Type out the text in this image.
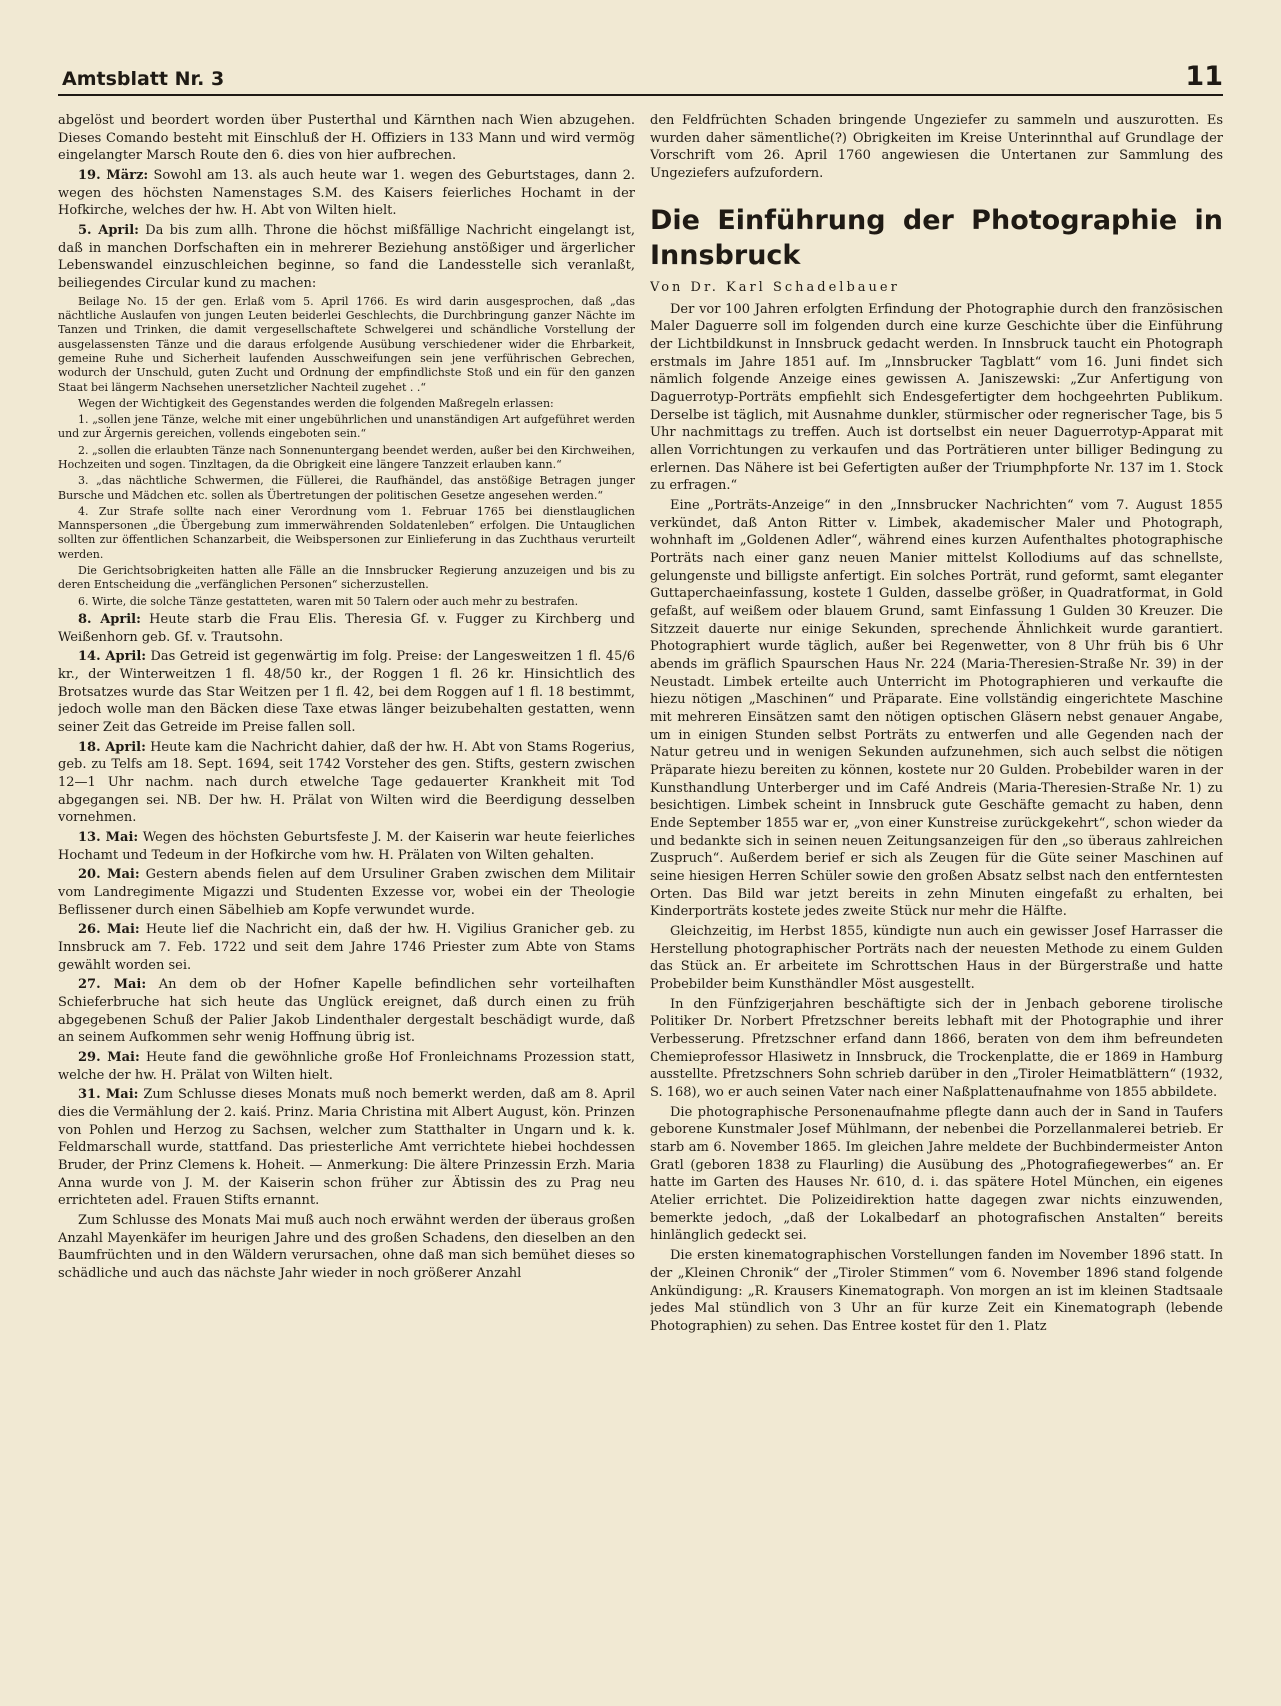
Amtsblatt Nr. 3	11

abgelöst und beordert worden über Pusterthal und Kärnthen nach Wien abzugehen. Dieses Comando besteht mit Einschluß der H. Offiziers in 133 Mann und wird vermög eingelangter Marsch Route den 6. dies von hier aufbrechen.

19. März: Sowohl am 13. als auch heute war 1. wegen des Geburtstages, dann 2. wegen des höchsten Namenstages S.M. des Kaisers feierliches Hochamt in der Hofkirche, welches der hw. H. Abt von Wilten hielt.

5. April: Da bis zum allh. Throne die höchst mißfällige Nachricht eingelangt ist, daß in manchen Dorfschaften ein in mehrerer Beziehung anstößiger und ärgerlicher Lebenswandel einzuschleichen beginne, so fand die Landesstelle sich veranlaßt, beiliegendes Circular kund zu machen:

Beilage No. 15 der gen. Erlaß vom 5. April 1766. Es wird darin ausgesprochen, daß „das nächtliche Auslaufen von jungen Leuten beiderlei Geschlechts, die Durchbringung ganzer Nächte im Tanzen und Trinken, die damit vergesellschaftete Schwelgerei und schändliche Vorstellung der ausgelassensten Tänze und die daraus erfolgende Ausübung verschiedener wider die Ehrbarkeit, gemeine Ruhe und Sicherheit laufenden Ausschweifungen sein jene verführischen Gebrechen, wodurch der Unschuld, guten Zucht und Ordnung der empfindlichste Stoß und ein für den ganzen Staat bei längerm Nachsehen unersetzlicher Nachteil zugehet . .“

Wegen der Wichtigkeit des Gegenstandes werden die folgenden Maßregeln erlassen:

1. „sollen jene Tänze, welche mit einer ungebührlichen und unanständigen Art aufgeführet werden und zur Ärgernis gereichen, vollends eingeboten sein.“

2. „sollen die erlaubten Tänze nach Sonnenuntergang beendet werden, außer bei den Kirchweihen, Hochzeiten und sogen. Tinzltagen, da die Obrigkeit eine längere Tanzzeit erlauben kann.“

3. „das nächtliche Schwermen, die Füllerei, die Raufhändel, das anstößige Betragen junger Bursche und Mädchen etc. sollen als Übertretungen der politischen Gesetze angesehen werden.“

4. Zur Strafe sollte nach einer Verordnung vom 1. Februar 1765 bei dienstlauglichen Mannspersonen „die Übergebung zum immerwährenden Soldatenleben“ erfolgen. Die Untauglichen sollten zur öffentlichen Schanzarbeit, die Weibspersonen zur Einlieferung in das Zuchthaus verurteilt werden.

Die Gerichtsobrigkeiten hatten alle Fälle an die Innsbrucker Regierung anzuzeigen und bis zu deren Entscheidung die „verfänglichen Personen“ sicherzustellen.

6. Wirte, die solche Tänze gestatteten, waren mit 50 Talern oder auch mehr zu bestrafen.

8. April: Heute starb die Frau Elis. Theresia Gf. v. Fugger zu Kirchberg und Weißenhorn geb. Gf. v. Trautsohn.

14. April: Das Getreid ist gegenwärtig im folg. Preise: der Langesweitzen 1 fl. 45/6 kr., der Winterweitzen 1 fl. 48/50 kr., der Roggen 1 fl. 26 kr. Hinsichtlich des Brotsatzes wurde das Star Weitzen per 1 fl. 42, bei dem Roggen auf 1 fl. 18 bestimmt, jedoch wolle man den Bäcken diese Taxe etwas länger beizubehalten gestatten, wenn seiner Zeit das Getreide im Preise fallen soll.

18. April: Heute kam die Nachricht dahier, daß der hw. H. Abt von Stams Rogerius, geb. zu Telfs am 18. Sept. 1694, seit 1742 Vorsteher des gen. Stifts, gestern zwischen 12—1 Uhr nachm. nach durch etwelche Tage gedauerter Krankheit mit Tod abgegangen sei. NB. Der hw. H. Prälat von Wilten wird die Beerdigung desselben vornehmen.

13. Mai: Wegen des höchsten Geburtsfeste J. M. der Kaiserin war heute feierliches Hochamt und Tedeum in der Hofkirche vom hw. H. Prälaten von Wilten gehalten.

20. Mai: Gestern abends fielen auf dem Ursuliner Graben zwischen dem Militair vom Landregimente Migazzi und Studenten Exzesse vor, wobei ein der Theologie Beflissener durch einen Säbelhieb am Kopfe verwundet wurde.

26. Mai: Heute lief die Nachricht ein, daß der hw. H. Vigilius Granicher geb. zu Innsbruck am 7. Feb. 1722 und seit dem Jahre 1746 Priester zum Abte von Stams gewählt worden sei.

27. Mai: An dem ob der Hofner Kapelle befindlichen sehr vorteilhaften Schieferbruche hat sich heute das Unglück ereignet, daß durch einen zu früh abgegebenen Schuß der Palier Jakob Lindenthaler dergestalt beschädigt wurde, daß an seinem Aufkommen sehr wenig Hoffnung übrig ist.

29. Mai: Heute fand die gewöhnliche große Hof Fronleichnams Prozession statt, welche der hw. H. Prälat von Wilten hielt.

31. Mai: Zum Schlusse dieses Monats muß noch bemerkt werden, daß am 8. April dies die Vermählung der 2. kaiś. Prinz. Maria Christina mit Albert August, kön. Prinzen von Pohlen und Herzog zu Sachsen, welcher zum Statthalter in Ungarn und k. k. Feldmarschall wurde, stattfand. Das priesterliche Amt verrichtete hiebei hochdessen Bruder, der Prinz Clemens k. Hoheit. — Anmerkung: Die ältere Prinzessin Erzh. Maria Anna wurde von J. M. der Kaiserin schon früher zur Äbtissin des zu Prag neu errichteten adel. Frauen Stifts ernannt.

Zum Schlusse des Monats Mai muß auch noch erwähnt werden der überaus großen Anzahl Mayenkäfer im heurigen Jahre und des großen Schadens, den dieselben an den Baumfrüchten und in den Wäldern verursachen, ohne daß man sich bemühet dieses so schädliche und auch das nächste Jahr wieder in noch größerer Anzahl

den Feldfrüchten Schaden bringende Ungeziefer zu sammeln und auszurotten. Es wurden daher sämentliche(?) Obrigkeiten im Kreise Unterinnthal auf Grundlage der Vorschrift vom 26. April 1760 angewiesen die Untertanen zur Sammlung des Ungeziefers aufzufordern.

Die Einführung der Photographie in Innsbruck
Von Dr. Karl Schadelbauer

Der vor 100 Jahren erfolgten Erfindung der Photographie durch den französischen Maler Daguerre soll im folgenden durch eine kurze Geschichte über die Einführung der Lichtbildkunst in Innsbruck gedacht werden. In Innsbruck taucht ein Photograph erstmals im Jahre 1851 auf. Im „Innsbrucker Tagblatt“ vom 16. Juni findet sich nämlich folgende Anzeige eines gewissen A. Janiszewski: „Zur Anfertigung von Daguerrotyp-Porträts empfiehlt sich Endesgefertigter dem hochgeehrten Publikum. Derselbe ist täglich, mit Ausnahme dunkler, stürmischer oder regnerischer Tage, bis 5 Uhr nachmittags zu treffen. Auch ist dortselbst ein neuer Daguerrotyp-Apparat mit allen Vorrichtungen zu verkaufen und das Porträtieren unter billiger Bedingung zu erlernen. Das Nähere ist bei Gefertigten außer der Triumphpforte Nr. 137 im 1. Stock zu erfragen.“

Eine „Porträts-Anzeige“ in den „Innsbrucker Nachrichten“ vom 7. August 1855 verkündet, daß Anton Ritter v. Limbek, akademischer Maler und Photograph, wohnhaft im „Goldenen Adler“, während eines kurzen Aufenthaltes photographische Porträts nach einer ganz neuen Manier mittelst Kollodiums auf das schnellste, gelungenste und billigste anfertigt. Ein solches Porträt, rund geformt, samt eleganter Guttaperchaeinfassung, kostete 1 Gulden, dasselbe größer, in Quadratformat, in Gold gefaßt, auf weißem oder blauem Grund, samt Einfassung 1 Gulden 30 Kreuzer. Die Sitzzeit dauerte nur einige Sekunden, sprechende Ähnlichkeit wurde garantiert. Photographiert wurde täglich, außer bei Regenwetter, von 8 Uhr früh bis 6 Uhr abends im gräflich Spaurschen Haus Nr. 224 (Maria-Theresien-Straße Nr. 39) in der Neustadt. Limbek erteilte auch Unterricht im Photographieren und verkaufte die hiezu nötigen „Maschinen“ und Präparate. Eine vollständig eingerichtete Maschine mit mehreren Einsätzen samt den nötigen optischen Gläsern nebst genauer Angabe, um in einigen Stunden selbst Porträts zu entwerfen und alle Gegenden nach der Natur getreu und in wenigen Sekunden aufzunehmen, sich auch selbst die nötigen Präparate hiezu bereiten zu können, kostete nur 20 Gulden. Probebilder waren in der Kunsthandlung Unterberger und im Café Andreis (Maria-Theresien-Straße Nr. 1) zu besichtigen. Limbek scheint in Innsbruck gute Geschäfte gemacht zu haben, denn Ende September 1855 war er, „von einer Kunstreise zurückgekehrt“, schon wieder da und bedankte sich in seinen neuen Zeitungsanzeigen für den „so überaus zahlreichen Zuspruch“. Außerdem berief er sich als Zeugen für die Güte seiner Maschinen auf seine hiesigen Herren Schüler sowie den großen Absatz selbst nach den entferntesten Orten. Das Bild war jetzt bereits in zehn Minuten eingefaßt zu erhalten, bei Kinderporträts kostete jedes zweite Stück nur mehr die Hälfte.

Gleichzeitig, im Herbst 1855, kündigte nun auch ein gewisser Josef Harrasser die Herstellung photographischer Porträts nach der neuesten Methode zu einem Gulden das Stück an. Er arbeitete im Schrottschen Haus in der Bürgerstraße und hatte Probebilder beim Kunsthändler Möst ausgestellt.

In den Fünfzigerjahren beschäftigte sich der in Jenbach geborene tirolische Politiker Dr. Norbert Pfretzschner bereits lebhaft mit der Photographie und ihrer Verbesserung. Pfretzschner erfand dann 1866, beraten von dem ihm befreundeten Chemieprofessor Hlasiwetz in Innsbruck, die Trockenplatte, die er 1869 in Hamburg ausstellte. Pfretzschners Sohn schrieb darüber in den „Tiroler Heimatblättern“ (1932, S. 168), wo er auch seinen Vater nach einer Naßplattenaufnahme von 1855 abbildete.

Die photographische Personenaufnahme pflegte dann auch der in Sand in Taufers geborene Kunstmaler Josef Mühlmann, der nebenbei die Porzellanmalerei betrieb. Er starb am 6. November 1865. Im gleichen Jahre meldete der Buchbindermeister Anton Gratl (geboren 1838 zu Flaurling) die Ausübung des „Photografiegewerbes“ an. Er hatte im Garten des Hauses Nr. 610, d. i. das spätere Hotel München, ein eigenes Atelier errichtet. Die Polizeidirektion hatte dagegen zwar nichts einzuwenden, bemerkte jedoch, „daß der Lokalbedarf an photografischen Anstalten“ bereits hinlänglich gedeckt sei.

Die ersten kinematographischen Vorstellungen fanden im November 1896 statt. In der „Kleinen Chronik“ der „Tiroler Stimmen“ vom 6. November 1896 stand folgende Ankündigung: „R. Krausers Kinematograph. Von morgen an ist im kleinen Stadtsaale jedes Mal stündlich von 3 Uhr an für kurze Zeit ein Kinematograph (lebende Photographien) zu sehen. Das Entree kostet für den 1. Platz
